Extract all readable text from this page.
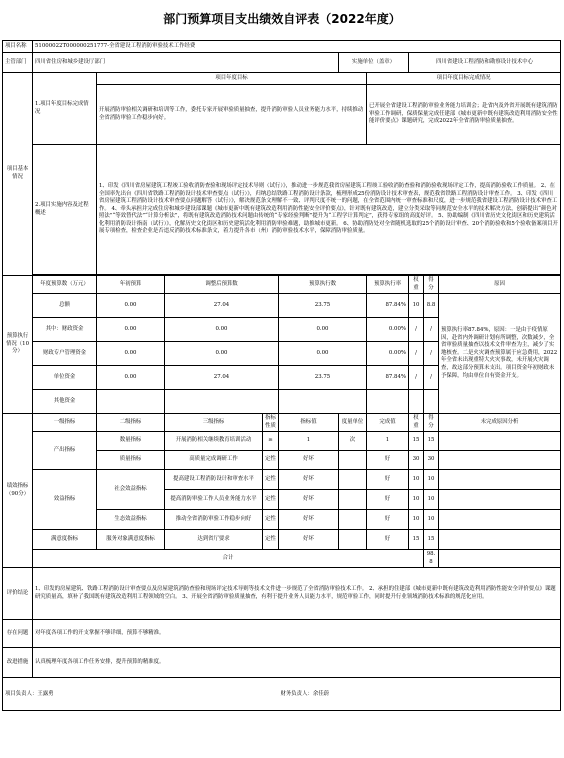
部门预算项目支出绩效自评表（2022年度）
项目名称	51000022T000000251777-全省建设工程消防审验技术工作经费									
主管部门	四川省住房和城乡建设厅部门					实施单位（盖章）		四川省建设工程消防和勘察设计技术中心		
项目基本情况	1.项目年度目标完成情况	项目年度目标					项目年度目标完成情况			
		开展消防审验相关调研和培训等工作，委托专家开展审验质量抽查，提升消防审验人员业务能力水平，持续推动全省消防审验工作稳步向好。					已开展全省建设工程消防审验业务能力培训会；赴省内及外省开展既有建筑消防审验工作调研，保质保量完成任建部《城市更新中既有建筑改造利用消防安全性能评价要点》课题研究，完成2022年全省消防审验质量抽查。			
	2.项目实施内容及过程概述	1、印发《四川省房屋建筑工程竣工验收消防查验和现场评定技术导则（试行）》，推动进一步规范我省房屋建筑工程竣工验收消防查验和消防验收现场评定工作，提高消防验收工作质量。 2、在全国率先出台《四川省铁路工程消防设计技术审查要点（试行）》，归纳总结铁路工程消防设计条款，梳理形成25份消防设计技术审查表，规范我省铁路工程消防设计审查工作。 3、印发《四川省房屋建筑工程消防设计技术审查要点问题解答（试行）》，解决规范条文理解不一致、评判尺度不统一的问题，在全省范围内统一审查标准和尺度，进一步规范我省建设工程消防设计技术审查工作。 4、牵头承担并完成住房和城乡建设部课题《城市更新中既有建筑改造利用消防性能安全评价要点》，针对既有建筑改造，建立分类采取等同规范安全水平的技术解决方法，创新提出“颜色对照法”“等效替代法”“计算分析法”，将既有建筑改造消防技术问题由传统的“专家经验判断”提升为“工程学计算判定”，获得专家组的高度好评。 5、协助编制《四川省历史文化街区和历史建筑活化利用消防设计指南（试行）》，化解历史文化街区和历史建筑活化利用消防审验难题，助推城市更新。 6、协助消防处对全省随机选取的25个消防设计审查、20个消防验收和5个验收备案项目开展专项检查，检查企业是否违反消防技术标准条文，着力提升各市（州）消防审验技术水平，保障消防审验质量。								

预算执行情况（10分）	年度预算数（万元）	年初预算	调整后预算数		预算执行数		预算执行率	权重	得分	原因
	总额	0.00	27.04		23.75		87.84%	10	8.8	预算执行率87.84%，原因：一是由于疫情原因，赴省内外调研计划有所调整，次数减少，全省审验质量抽查以技术文件审查为主，减少了实地核查。二是火灾调查预算属于应急费用，2022年全省未出现重特大火灾事故，未开展火灾调查，故这部分预算未支出。项目资金年初财政未予保障，均由单位自有资金开支。
	其中：财政资金	0.00	0.00		0.00		0.00%	/	/	
	财政专户管理资金	0.00	0.00		0.00		0.00%	/	/	
	单位资金	0.00	27.04		23.75		87.84%	/	/	
	其他资金									
绩效指标（90分）	一级指标	二级指标	三级指标	指标性质	指标值	度量单位	完成值	权重	得分	未完成原因分析
	产出指标	数量指标	开展消防相关继续教育培训活动	≥	1	次	1	15	15	
		质量指标	高质量完成调研工作	定性	好坏		好	30	30	
	效益指标	社会效益指标	提高建设工程消防设计和审查水平	定性	好坏		好	10	10	
			提高消防审验工作人员业务能力水平	定性	好坏		好	10	10	
		生态效益指标	推动全省消防审验工作稳步向好	定性	好坏		好	10	10	
	满意度指标	服务对象满意度指标	达到省厅要求	定性	好坏		好	15	15	
	合计								98.8	
评价结论	1、印发的房屋建筑、铁路工程消防设计审查要点及房屋建筑消防查验和现场评定技术导则等技术文件进一步规范了全省消防审验技术工作。 2、承担的住建部《城市更新中既有建筑改造利用消防性能安全评价要点》课题研究质量高，填补了我国既有建筑改造利用工程领域的空白。 3、开展全省消防审验质量抽查，有利于提升业务人员能力水平，规范审验工作，同时提升行业领域消防技术标准的规范化应用。									
存在问题	对年度各项工作的开支掌握不够详细，预算不够精准。									
改进措施	认真梳理年度各项工作任务安排，提升预算的精准度。									
项目负责人：王露勇					财务负责人：余佳蔚					
